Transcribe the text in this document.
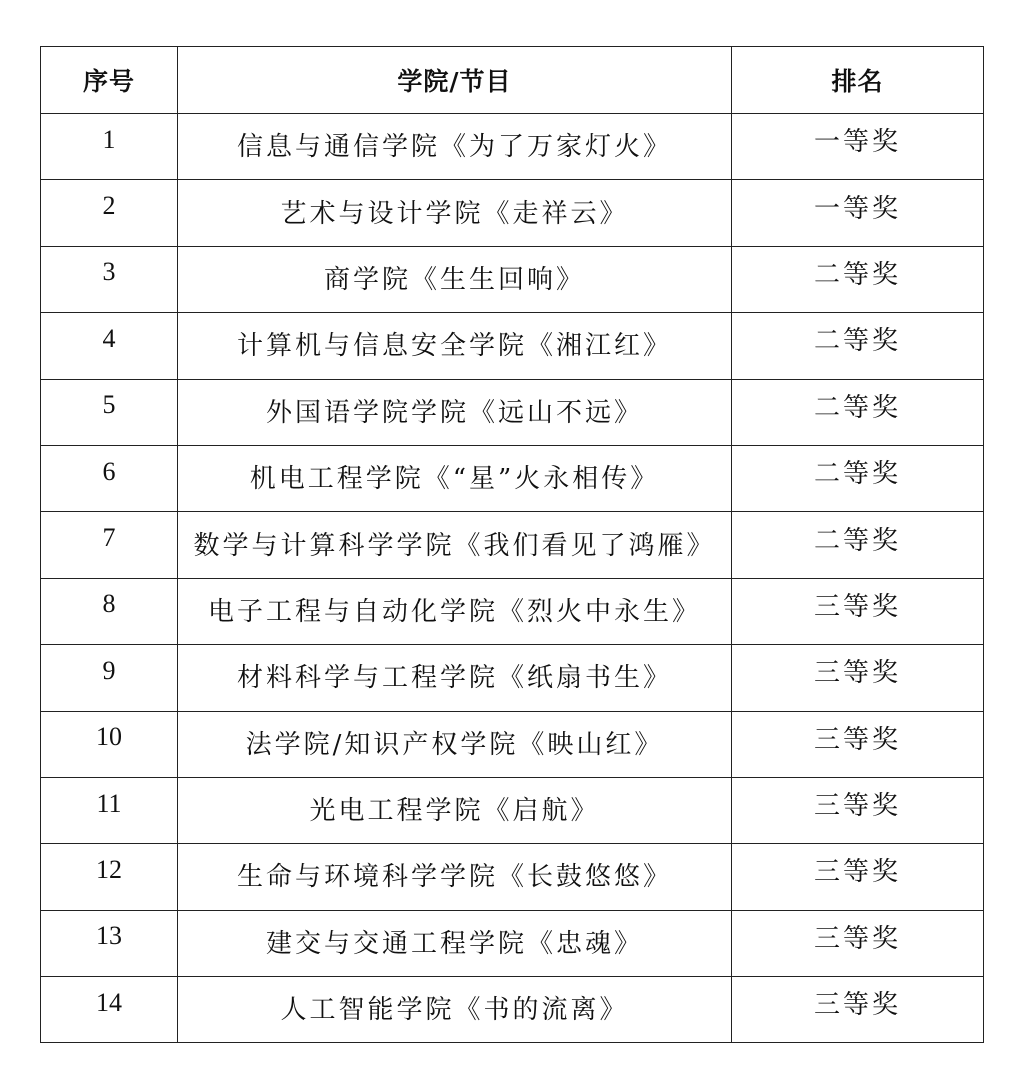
序号	学院/节目	排名
1	信息与通信学院《为了万家灯火》	一等奖
2	艺术与设计学院《走祥云》	一等奖
3	商学院《生生回响》	二等奖
4	计算机与信息安全学院《湘江红》	二等奖
5	外国语学院学院《远山不远》	二等奖
6	机电工程学院《“星”火永相传》	二等奖
7	数学与计算科学学院《我们看见了鸿雁》	二等奖
8	电子工程与自动化学院《烈火中永生》	三等奖
9	材料科学与工程学院《纸扇书生》	三等奖
10	法学院/知识产权学院《映山红》	三等奖
11	光电工程学院《启航》	三等奖
12	生命与环境科学学院《长鼓悠悠》	三等奖
13	建交与交通工程学院《忠魂》	三等奖
14	人工智能学院《书的流离》	三等奖
